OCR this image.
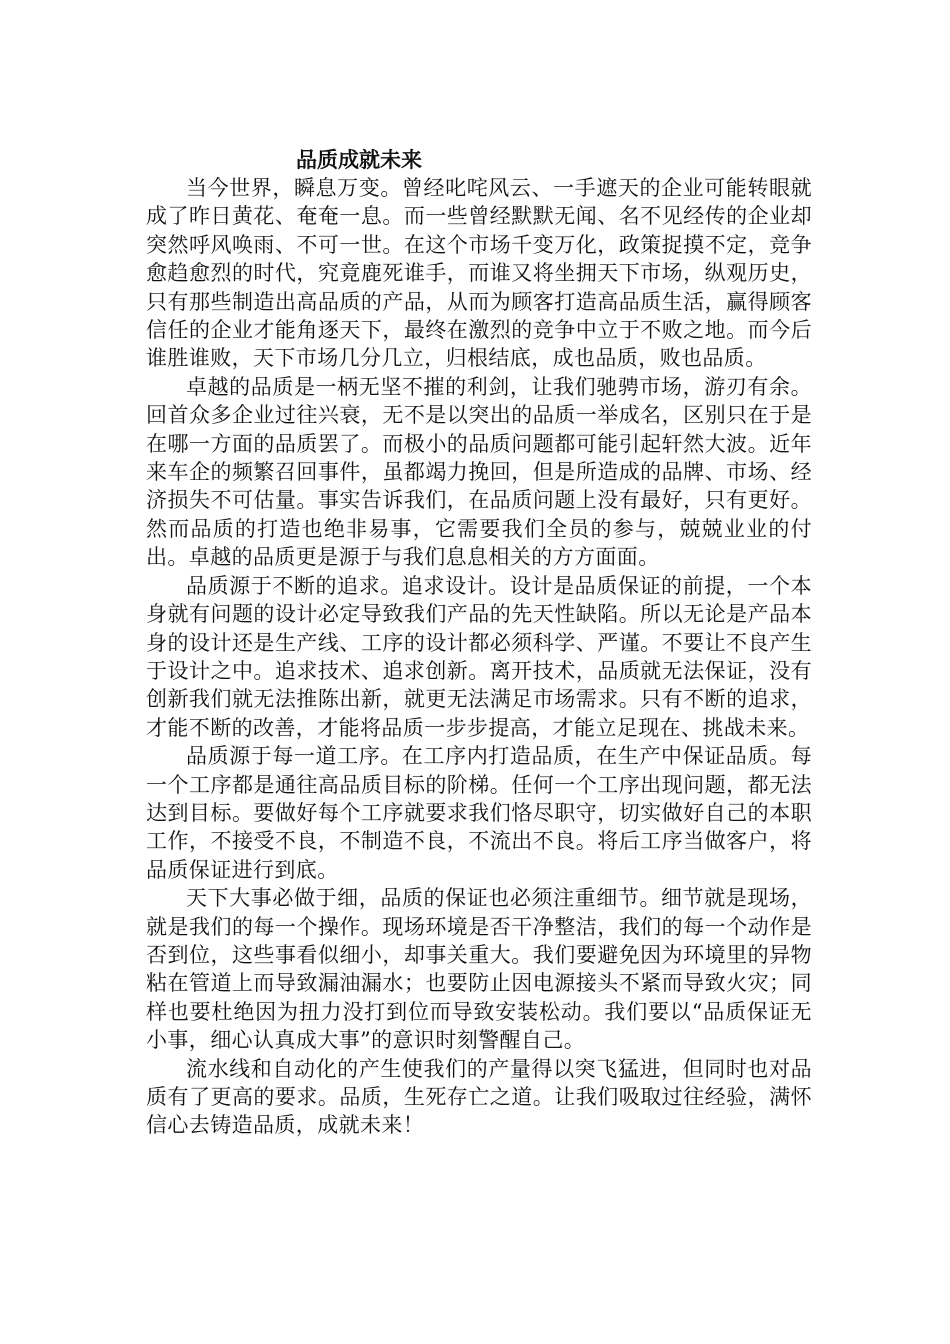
品质成就未来

当今世界，瞬息万变。曾经叱咤风云、一手遮天的企业可能转眼就成了昨日黄花、奄奄一息。而一些曾经默默无闻、名不见经传的企业却突然呼风唤雨、不可一世。在这个市场千变万化，政策捉摸不定，竞争愈趋愈烈的时代，究竟鹿死谁手，而谁又将坐拥天下市场，纵观历史，只有那些制造出高品质的产品，从而为顾客打造高品质生活，赢得顾客信任的企业才能角逐天下，最终在激烈的竞争中立于不败之地。而今后谁胜谁败，天下市场几分几立，归根结底，成也品质，败也品质。

卓越的品质是一柄无坚不摧的利剑，让我们驰骋市场，游刃有余。回首众多企业过往兴衰，无不是以突出的品质一举成名，区别只在于是在哪一方面的品质罢了。而极小的品质问题都可能引起轩然大波。近年来车企的频繁召回事件，虽都竭力挽回，但是所造成的品牌、市场、经济损失不可估量。事实告诉我们，在品质问题上没有最好，只有更好。然而品质的打造也绝非易事，它需要我们全员的参与，兢兢业业的付出。卓越的品质更是源于与我们息息相关的方方面面。

品质源于不断的追求。追求设计。设计是品质保证的前提，一个本身就有问题的设计必定导致我们产品的先天性缺陷。所以无论是产品本身的设计还是生产线、工序的设计都必须科学、严谨。不要让不良产生于设计之中。追求技术、追求创新。离开技术，品质就无法保证，没有创新我们就无法推陈出新，就更无法满足市场需求。只有不断的追求，才能不断的改善，才能将品质一步步提高，才能立足现在、挑战未来。

品质源于每一道工序。在工序内打造品质，在生产中保证品质。每一个工序都是通往高品质目标的阶梯。任何一个工序出现问题，都无法达到目标。要做好每个工序就要求我们恪尽职守，切实做好自己的本职工作，不接受不良，不制造不良，不流出不良。将后工序当做客户，将品质保证进行到底。

天下大事必做于细，品质的保证也必须注重细节。细节就是现场，就是我们的每一个操作。现场环境是否干净整洁，我们的每一个动作是否到位，这些事看似细小，却事关重大。我们要避免因为环境里的异物粘在管道上而导致漏油漏水；也要防止因电源接头不紧而导致火灾；同样也要杜绝因为扭力没打到位而导致安装松动。我们要以“品质保证无小事，细心认真成大事”的意识时刻警醒自己。

流水线和自动化的产生使我们的产量得以突飞猛进，但同时也对品质有了更高的要求。品质，生死存亡之道。让我们吸取过往经验，满怀信心去铸造品质，成就未来！
